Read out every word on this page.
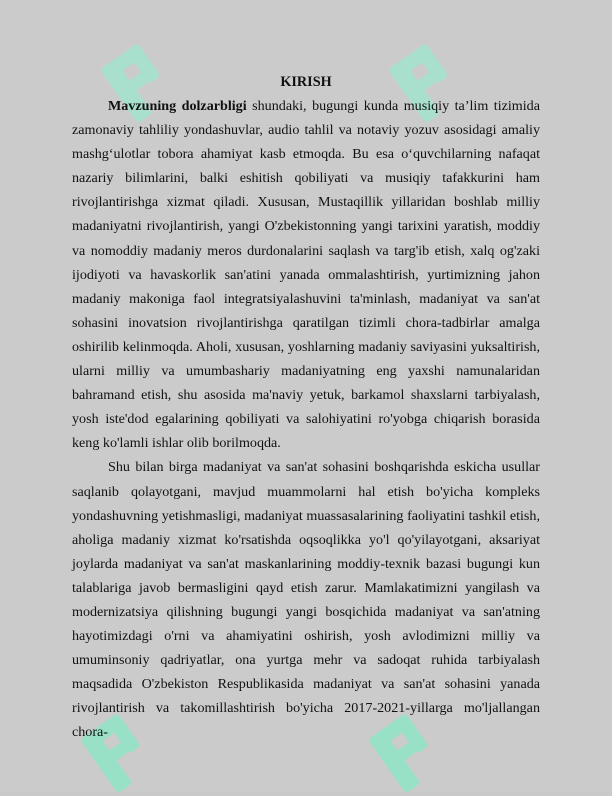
KIRISH

Mavzuning dolzarbligi shundaki, bugungi kunda musiqiy ta’lim tizimida zamonaviy tahliliy yondashuvlar, audio tahlil va notaviy yozuv asosidagi amaliy mashg‘ulotlar tobora ahamiyat kasb etmoqda. Bu esa o‘quvchilarning nafaqat nazariy bilimlarini, balki eshitish qobiliyati va musiqiy tafakkurini ham rivojlantirishga xizmat qiladi. Xususan, Mustaqillik yillaridan boshlab milliy madaniyatni rivojlantirish, yangi O'zbekistonning yangi tarixini yaratish, moddiy va nomoddiy madaniy meros durdonalarini saqlash va targ'ib etish, xalq og'zaki ijodiyoti va havaskorlik san'atini yanada ommalashtirish, yurtimizning jahon madaniy makoniga faol integratsiyalashuvini ta'minlash, madaniyat va san'at sohasini inovatsion rivojlantirishga qaratilgan tizimli chora-tadbirlar amalga oshirilib kelinmoqda. Aholi, xususan, yoshlarning madaniy saviyasini yuksaltirish, ularni milliy va umumbashariy madaniyatning eng yaxshi namunalaridan bahramand etish, shu asosida ma'naviy yetuk, barkamol shaxslarni tarbiyalash, yosh iste'dod egalarining qobiliyati va salohiyatini ro'yobga chiqarish borasida keng ko'lamli ishlar olib borilmoqda.

Shu bilan birga madaniyat va san'at sohasini boshqarishda eskicha usullar saqlanib qolayotgani, mavjud muammolarni hal etish bo'yicha kompleks yondashuvning yetishmasligi, madaniyat muassasalarining faoliyatini tashkil etish, aholiga madaniy xizmat ko'rsatishda oqsoqlikka yo'l qo'yilayotgani, aksariyat joylarda madaniyat va san'at maskanlarining moddiy-texnik bazasi bugungi kun talablariga javob bermasligini qayd etish zarur. Mamlakatimizni yangilash va modernizatsiya qilishning bugungi yangi bosqichida madaniyat va san'atning hayotimizdagi o'rni va ahamiyatini oshirish, yosh avlodimizni milliy va umuminsoniy qadriyatlar, ona yurtga mehr va sadoqat ruhida tarbiyalash maqsadida O'zbekiston Respublikasida madaniyat va san'at sohasini yanada rivojlantirish va takomillashtirish bo'yicha 2017-2021-yillarga mo'ljallangan chora-
